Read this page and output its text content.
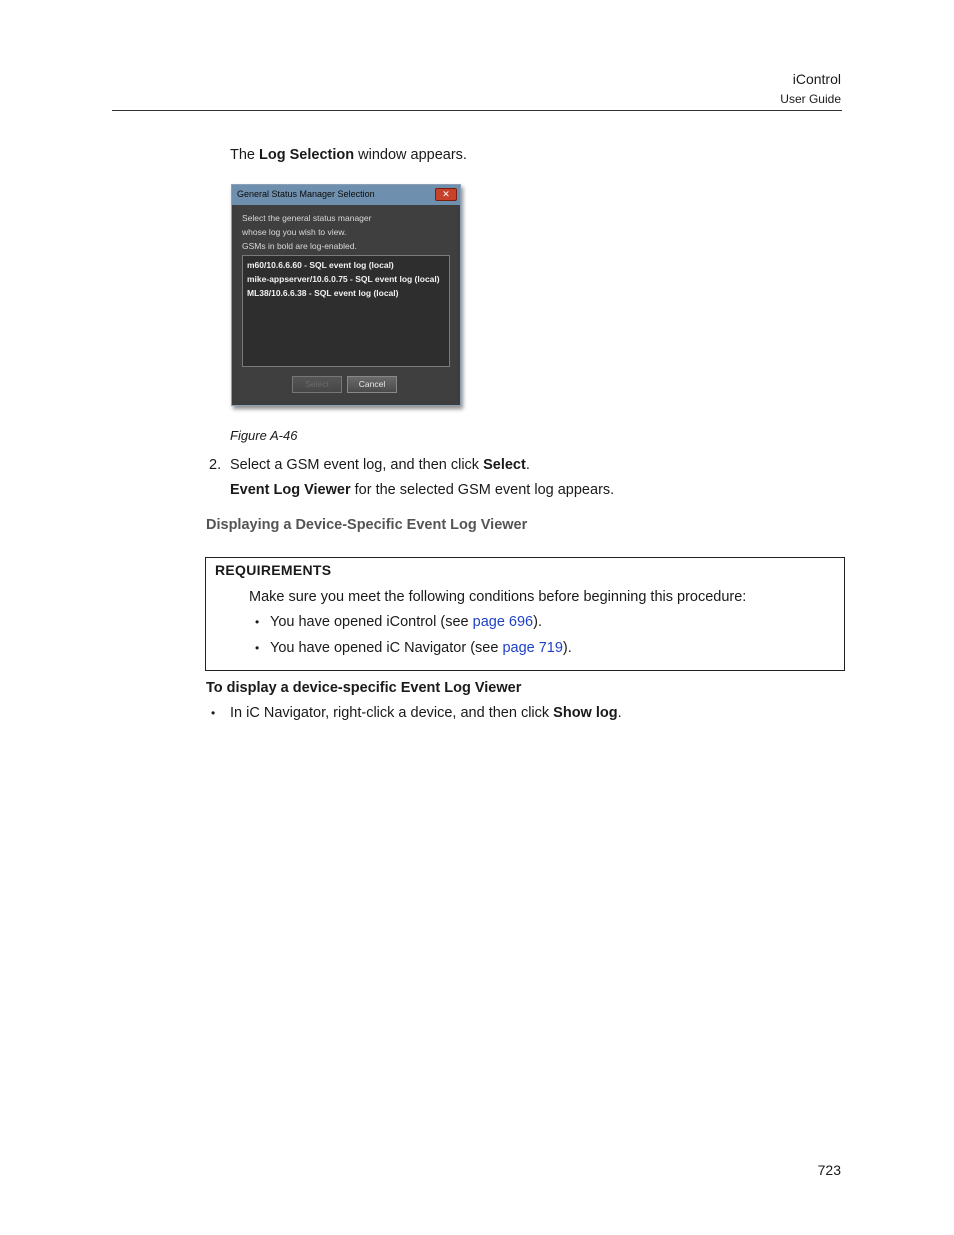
iControl
User Guide
The Log Selection window appears.
General Status Manager Selection	✕
Select the general status manager
whose log you wish to view.
GSMs in bold are log-enabled.
m60/10.6.6.60 - SQL event log (local)
mike-appserver/10.6.0.75 - SQL event log (local)
ML38/10.6.6.38 - SQL event log (local)
Select	Cancel
Figure A-46
2. Select a GSM event log, and then click Select.
Event Log Viewer for the selected GSM event log appears.
Displaying a Device-Specific Event Log Viewer
REQUIREMENTS
Make sure you meet the following conditions before beginning this procedure:
• You have opened iControl (see page 696).
• You have opened iC Navigator (see page 719).
To display a device-specific Event Log Viewer
• In iC Navigator, right-click a device, and then click Show log.
723
